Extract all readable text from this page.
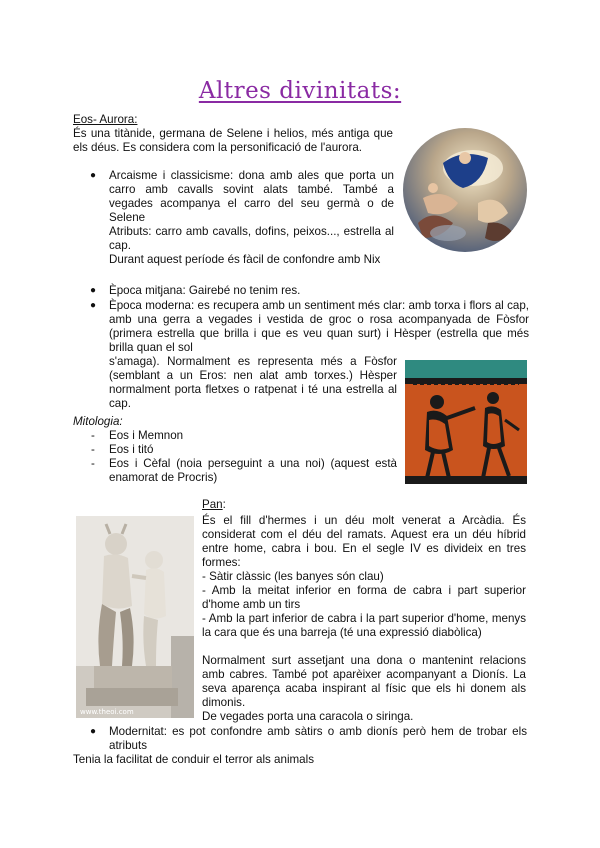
Altres divinitats:
Eos- Aurora:
És una titànide, germana de Selene i helios, més antiga que els déus. Es considera com la personificació de l'aurora.
● Arcaisme i classicisme: dona amb ales que porta un carro amb cavalls sovint alats també. També a vegades acompanya el carro del seu germà o de Selene
Atributs: carro amb cavalls, dofins, peixos..., estrella al cap.
Durant aquest període és fàcil de confondre amb Nix
● Època mitjana: Gairebé no tenim res.
● Època moderna: es recupera amb un sentiment més clar: amb torxa i flors al cap, amb una gerra a vegades i vestida de groc o rosa acompanyada de Fòsfor (primera estrella que brilla i que es veu quan surt) i Hèsper (estrella que més brilla quan el sol
s'amaga). Normalment es representa més a Fòsfor (semblant a un Eros: nen alat amb torxes.) Hèsper normalment porta fletxes o ratpenat i té una estrella al cap.
Mitologia:
- Eos i Memnon
- Eos i titó
- Eos i Cèfal (noia perseguint a una noi) (aquest està enamorat de Procris)
Pan:
www.theoi.com
És el fill d'hermes i un déu molt venerat a Arcàdia. És considerat com el déu del ramats. Aquest era un déu híbrid entre home, cabra i bou. En el segle IV es divideix en tres formes:
- Sàtir clàssic (les banyes són clau)
- Amb la meitat inferior en forma de cabra i part superior d'home amb un tirs
- Amb la part inferior de cabra i la part superior d'home, menys la cara que és una barreja (té una expressió diabòlica)
Normalment surt assetjant una dona o mantenint relacions amb cabres. També pot aparèixer acompanyant a Dionís. La seva aparença acaba inspirant al físic que els hi donem als dimonis.
De vegades porta una caracola o siringa.
● Modernitat: es pot confondre amb sàtirs o amb dionís però hem de trobar els atributs
Tenia la facilitat de conduir el terror als animals
